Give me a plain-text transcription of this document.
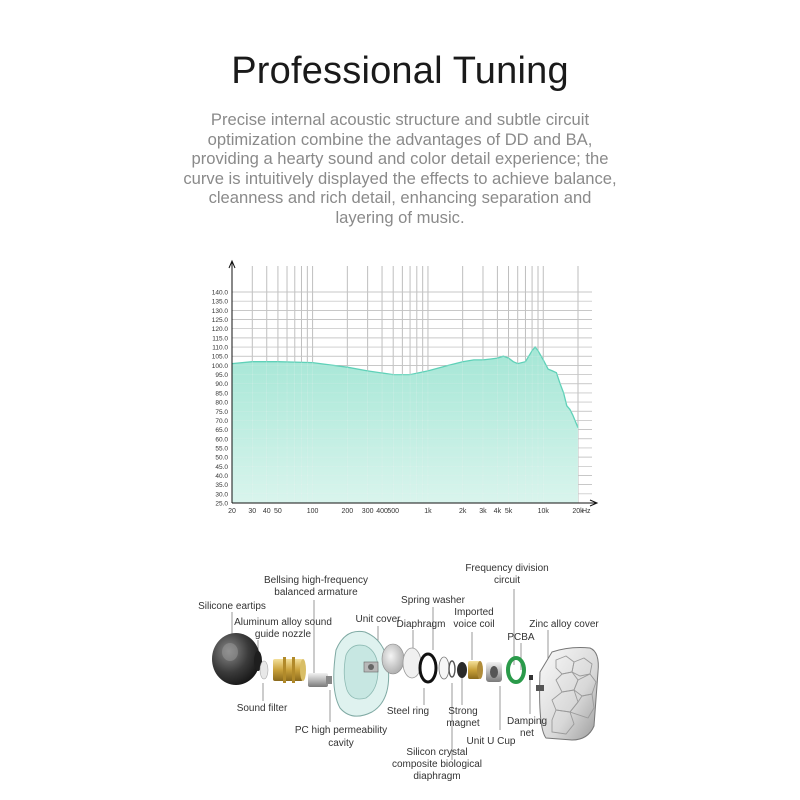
Professional Tuning

Precise internal acoustic structure and subtle circuit optimization combine the advantages of DD and BA, providing a hearty sound and color detail experience; the curve is intuitively displayed the effects to achieve balance, cleanness and rich detail, enhancing separation and layering of music.

140.0
135.0
130.0
125.0
120.0
115.0
110.0
105.0
100.0
95.0
90.0
85.0
80.0
75.0
70.0
65.0
60.0
55.0
50.0
45.0
40.0
35.0
30.0
25.0
20 30 40 50	100	200 300 400 500	1k	2k 3k 4k 5k	10k	20k
Hz
Silicone eartips
Aluminum alloy sound
guide nozzle
Bellsing high-frequency
balanced armature
Unit cover
Diaphragm
Spring washer
Imported
voice coil
Frequency division
circuit
PCBA
Zinc alloy cover
Sound filter
PC high permeability
cavity
Steel ring Strong
magnet
Unit U Cup
Damping
net
Silicon crystal
composite biological
diaphragm
